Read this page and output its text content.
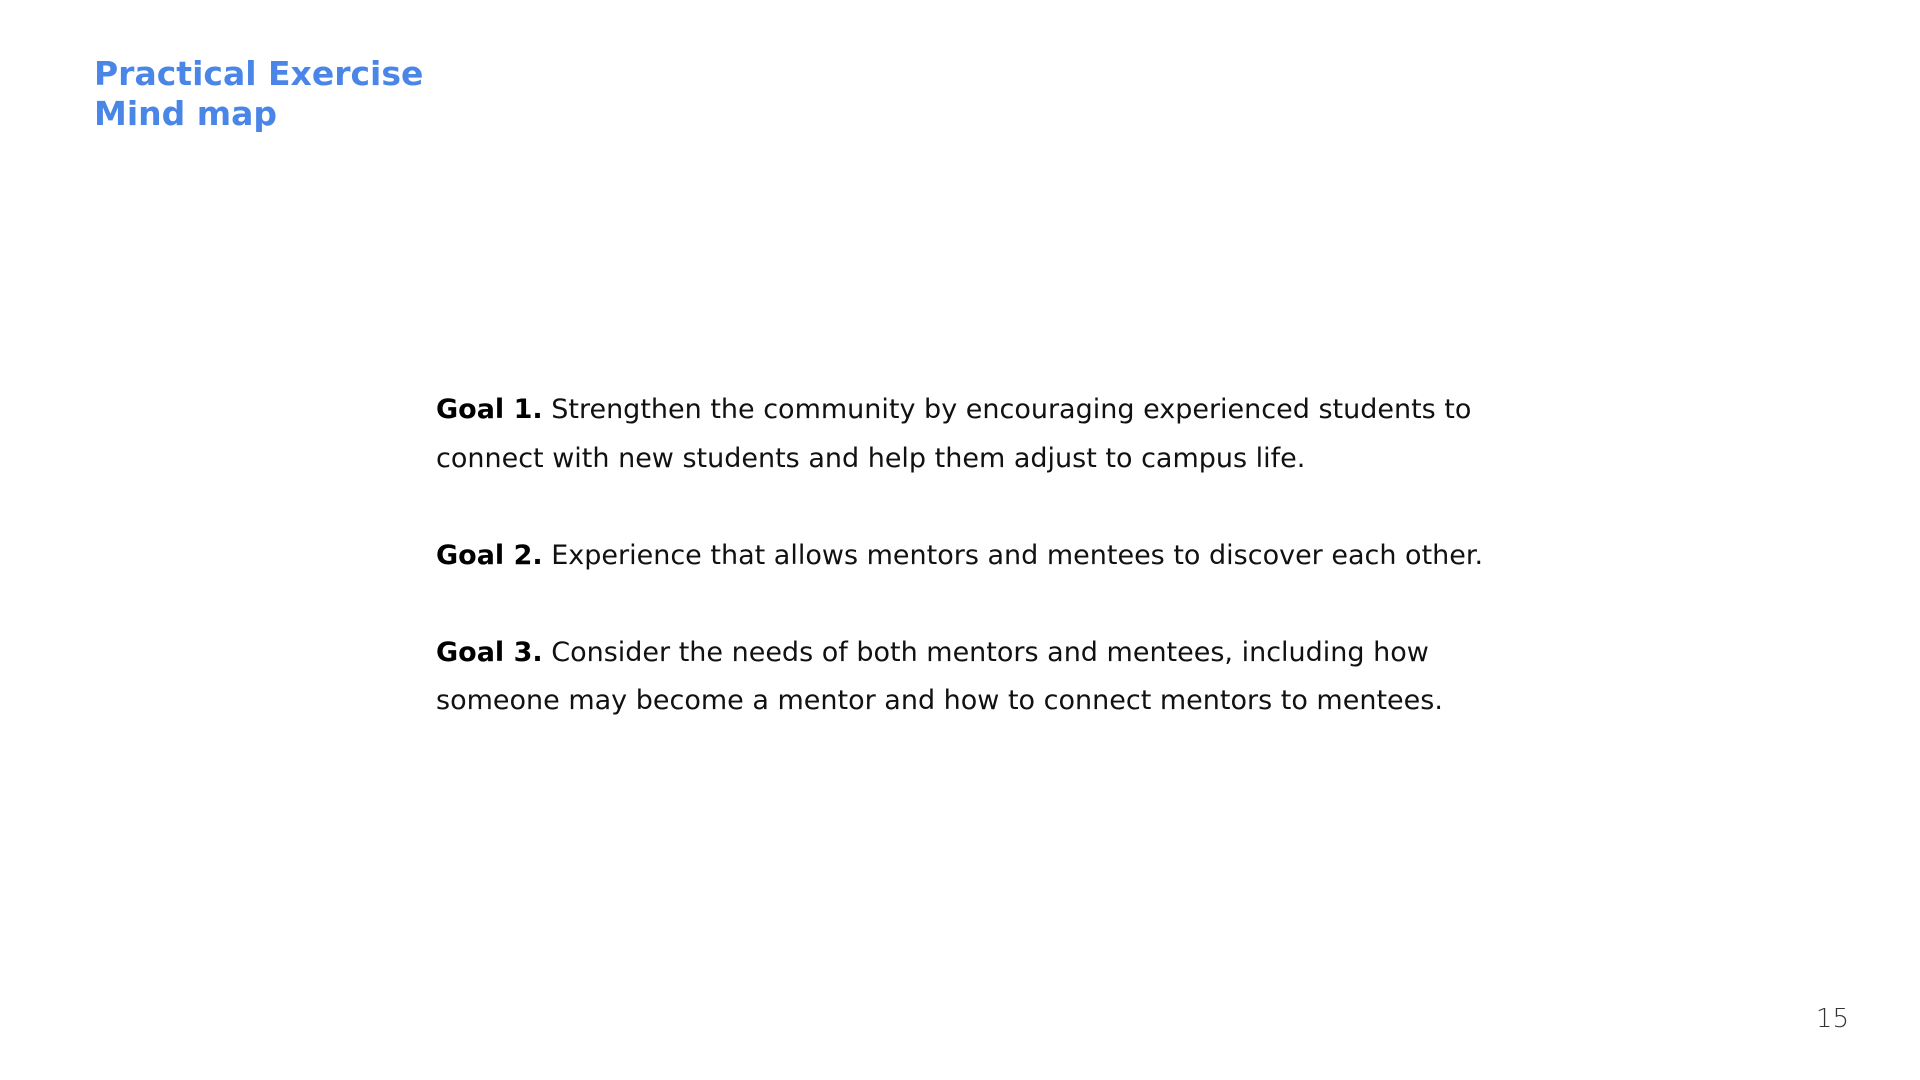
Practical Exercise
Mind map

Goal 1. Strengthen the community by encouraging experienced students to connect with new students and help them adjust to campus life.

Goal 2. Experience that allows mentors and mentees to discover each other.

Goal 3. Consider the needs of both mentors and mentees, including how someone may become a mentor and how to connect mentors to mentees.

15
